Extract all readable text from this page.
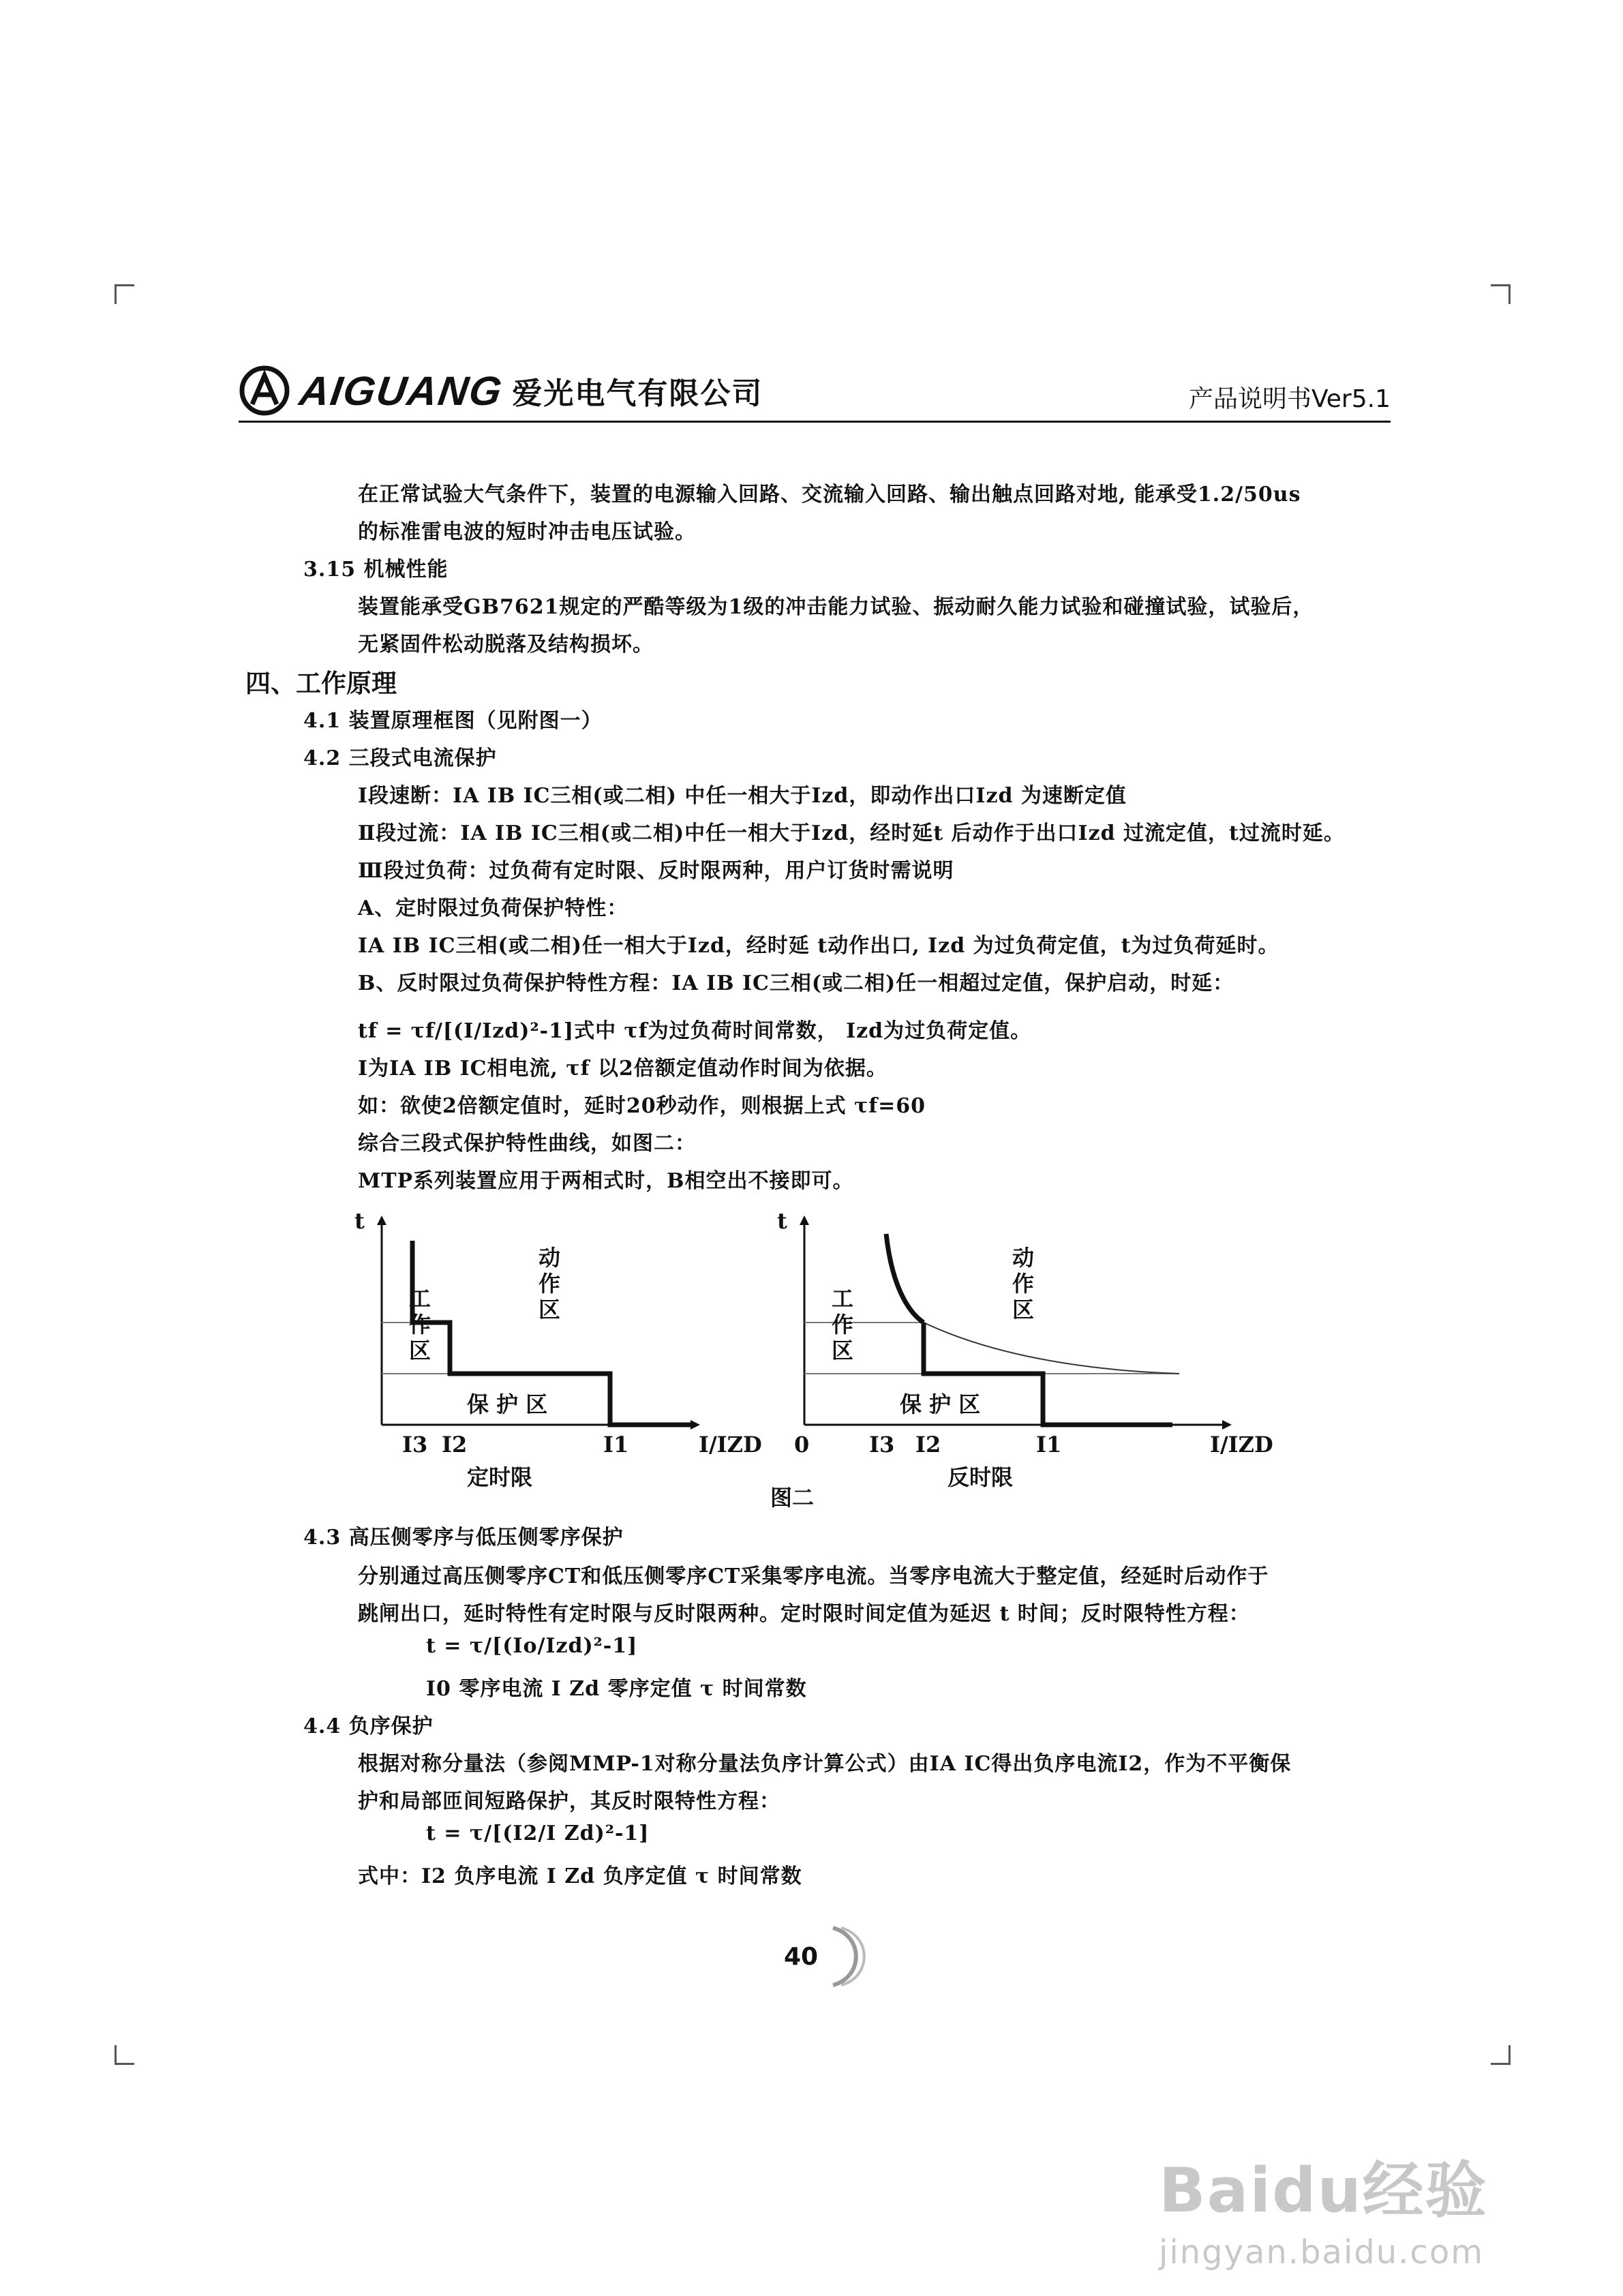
AIGUANG 爱光电气有限公司	产品说明书Ver5.1
在正常试验大气条件下，装置的电源输入回路、交流输入回路、输出触点回路对地, 能承受1.2/50us
的标准雷电波的短时冲击电压试验。
3.15 机械性能
装置能承受GB7621规定的严酷等级为1级的冲击能力试验、振动耐久能力试验和碰撞试验，试验后，
无紧固件松动脱落及结构损坏。
四、工作原理
4.1 装置原理框图（见附图一）
4.2 三段式电流保护
Ⅰ段速断：IA IB IC三相(或二相) 中任一相大于Izd，即动作出口Izd 为速断定值
Ⅱ段过流：IA IB IC三相(或二相)中任一相大于Izd，经时延t 后动作于出口Izd 过流定值，t过流时延。
Ⅲ段过负荷：过负荷有定时限、反时限两种，用户订货时需说明
A、定时限过负荷保护特性：
IA IB IC三相(或二相)任一相大于Izd，经时延 t动作出口, Izd 为过负荷定值，t为过负荷延时。
B、反时限过负荷保护特性方程：IA IB IC三相(或二相)任一相超过定值，保护启动，时延：
tf = τf/[(I/Izd)²-1]式中 τf为过负荷时间常数， Izd为过负荷定值。
I为IA IB IC相电流, τf 以2倍额定值动作时间为依据。
如：欲使2倍额定值时，延时20秒动作，则根据上式 τf=60
综合三段式保护特性曲线，如图二：
MTP系列装置应用于两相式时，B相空出不接即可。
t
工
作
区
动
作
区
保 护 区
I3 I2	I1	I/IZD
定时限
t
工
作
区
动
作
区
保 护 区
0	I3 I2	I1	I/IZD
反时限
图二
4.3 高压侧零序与低压侧零序保护
分别通过高压侧零序CT和低压侧零序CT采集零序电流。当零序电流大于整定值，经延时后动作于
跳闸出口，延时特性有定时限与反时限两种。定时限时间定值为延迟 t 时间；反时限特性方程：
t = τ/[(Io/Izd)²-1]
I0 零序电流 I Zd 零序定值 τ 时间常数
4.4 负序保护
根据对称分量法（参阅MMP-1对称分量法负序计算公式）由IA IC得出负序电流I2，作为不平衡保
护和局部匝间短路保护，其反时限特性方程：
t = τ/[(I2/I Zd)²-1]
式中：I2 负序电流 I Zd 负序定值 τ 时间常数
40
Baidu经验
jingyan.baidu.com
